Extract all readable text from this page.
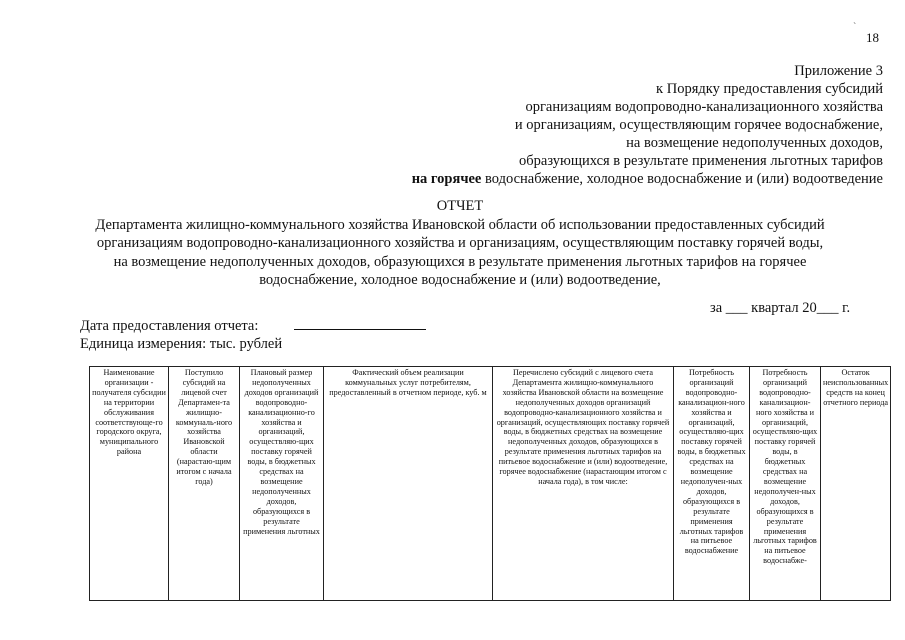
`
18
Приложение 3
к Порядку предоставления субсидий
организациям водопроводно-канализационного хозяйства
и организациям, осуществляющим горячее водоснабжение,
на возмещение недополученных доходов,
образующихся в результате применения льготных тарифов
на горячее водоснабжение, холодное водоснабжение и (или) водоотведение
ОТЧЕТ
Департамента жилищно-коммунального хозяйства Ивановской области об использовании предоставленных субсидий
организациям водопроводно-канализационного хозяйства и организациям, осуществляющим поставку горячей воды,
на возмещение недополученных доходов, образующихся в результате применения льготных тарифов на горячее
водоснабжение, холодное водоснабжение и (или) водоотведение,
за ___ квартал 20___ г.
Дата предоставления отчета:
Единица измерения: тыс. рублей
Наименование организации - получателя субсидии на территории обслуживания соответствующе-го городского округа, муниципального района	Поступило субсидий на лицевой счет Департамен-та жилищно-коммуналь-ного хозяйства Ивановской области (нарастаю-щим итогом с начала года)	Плановый размер недополученных доходов организаций водопроводно-канализационно-го хозяйства и организаций, осуществляю-щих поставку горячей воды, в бюджетных средствах на возмещение недополученных доходов, образующихся в результате применения льготных	Фактический объем реализации коммунальных услуг потребителям, предоставленный в отчетном периоде, куб. м	Перечислено субсидий с лицевого счета Департамента жилищно-коммунального хозяйства Ивановской области на возмещение недополученных доходов организаций водопроводно-канализационного хозяйства и организаций, осуществляющих поставку горячей воды, в бюджетных средствах на возмещение недополученных доходов, образующихся в результате применения льготных тарифов на питьевое водоснабжение и (или) водоотведение, горячее водоснабжение (нарастающим итогом с начала года), в том числе:	Потребность организаций водопроводно-канализацион-ного хозяйства и организаций, осуществляю-щих поставку горячей воды, в бюджетных средствах на возмещение недополучен-ных доходов, образующихся в результате применения льготных тарифов на питьевое водоснабжение	Потребность организаций водопроводно-канализацион-ного хозяйства и организаций, осуществляю-щих поставку горячей воды, в бюджетных средствах на возмещение недополучен-ных доходов, образующихся в результате применения льготных тарифов на питьевое водоснабже-	Остаток неиспользованных средств на конец отчетного периода
